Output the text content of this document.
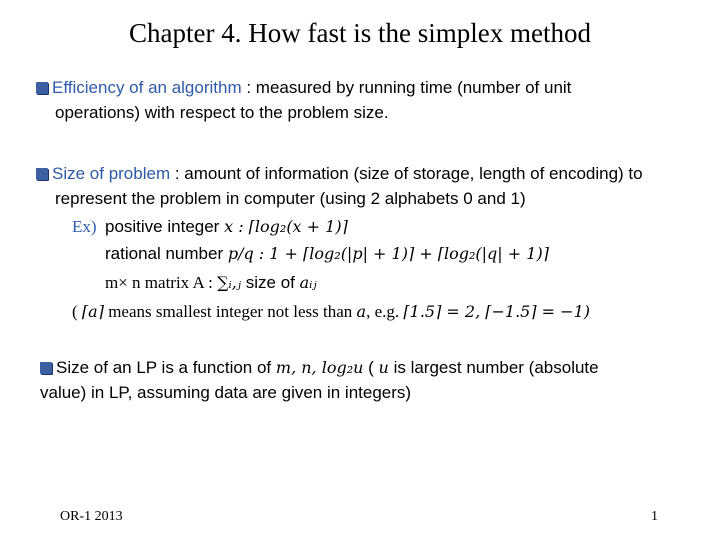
Chapter 4. How fast is the simplex method
Efficiency of an algorithm : measured by running time (number of unit
operations) with respect to the problem size.
Size of problem : amount of information (size of storage, length of encoding) to
represent the problem in computer (using 2 alphabets 0 and 1)
Ex) positive integer x : ⌈log₂(x + 1)⌉
rational number p/q : 1 + ⌈log₂(|p| + 1)⌉ + ⌈log₂(|q| + 1)⌉
m× n matrix A : ∑ᵢ,ⱼ size of aᵢⱼ
( ⌈a⌉ means smallest integer not less than a, e.g. ⌈1.5⌉ = 2, ⌈−1.5⌉ = −1)
Size of an LP is a function of m, n, log₂u ( u is largest number (absolute
value) in LP, assuming data are given in integers)
OR-1 2013	1
